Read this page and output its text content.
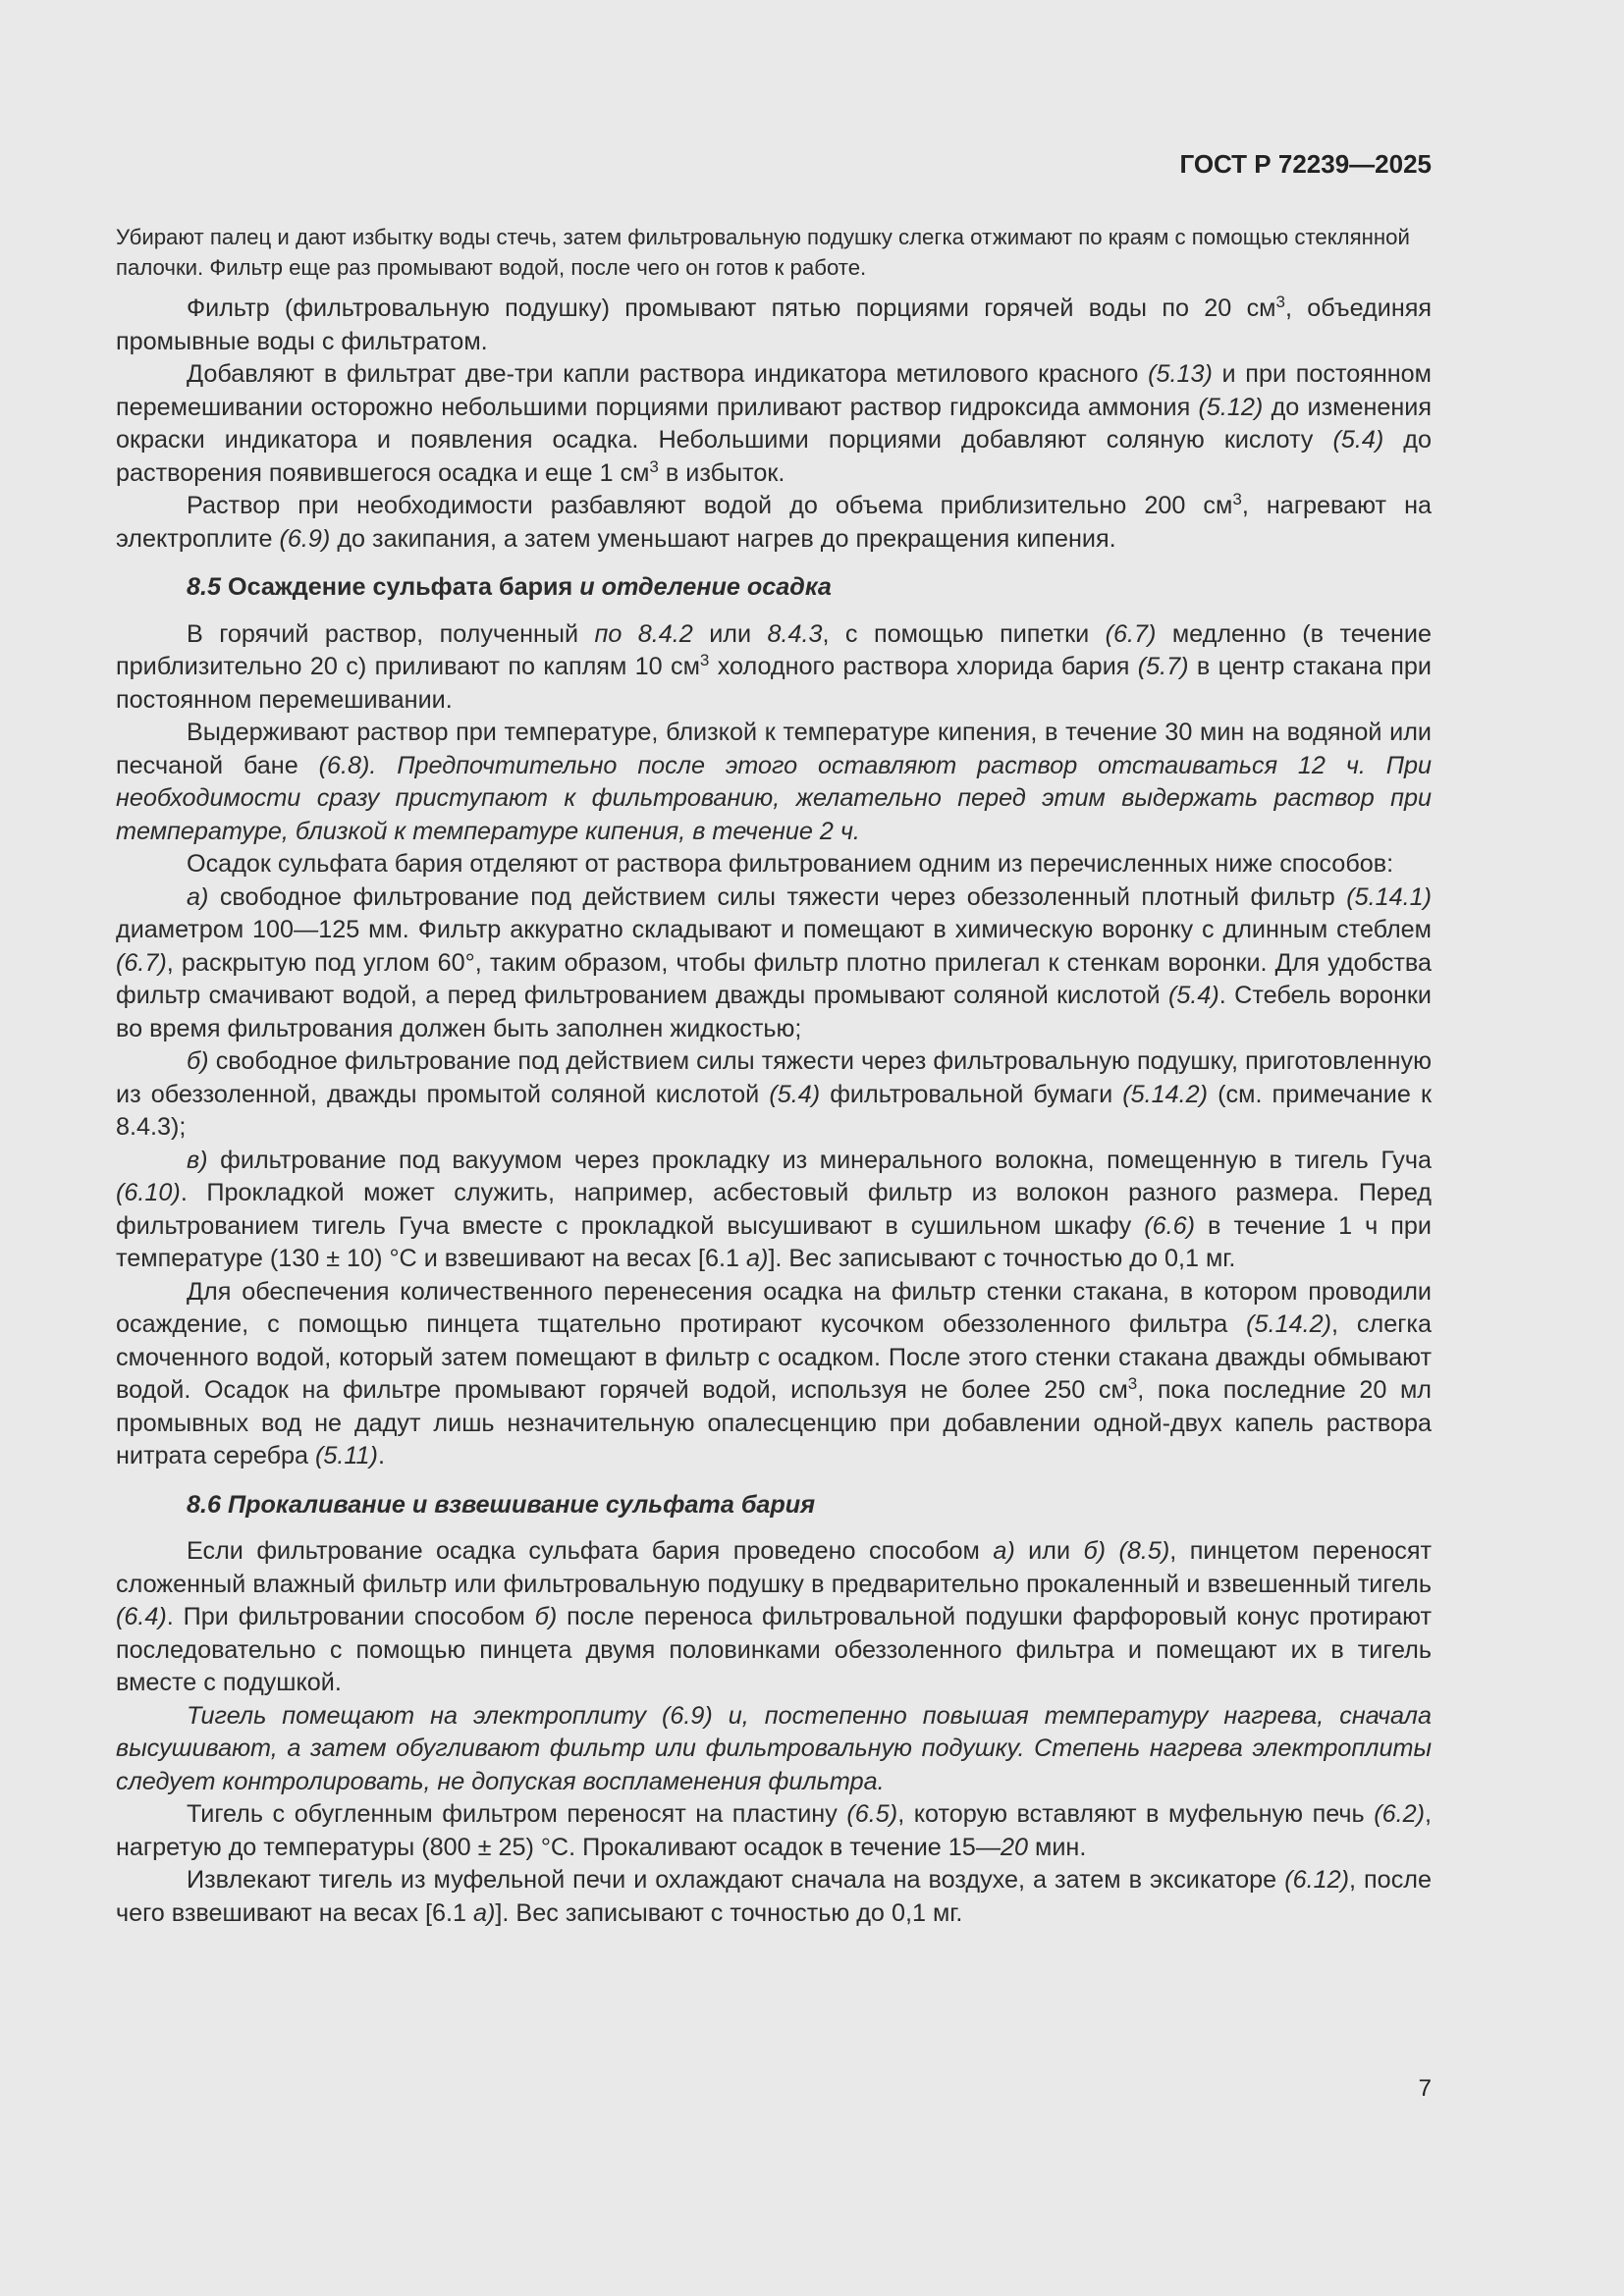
ГОСТ Р 72239—2025

Убирают палец и дают избытку воды стечь, затем фильтровальную подушку слегка отжимают по краям с помощью стеклянной палочки. Фильтр еще раз промывают водой, после чего он готов к работе.

Фильтр (фильтровальную подушку) промывают пятью порциями горячей воды по 20 $см^3$, объединяя промывные воды с фильтратом.

Добавляют в фильтрат две-три капли раствора индикатора метилового красного (5.13) и при постоянном перемешивании осторожно небольшими порциями приливают раствор гидроксида аммония (5.12) до изменения окраски индикатора и появления осадка. Небольшими порциями добавляют соляную кислоту (5.4) до растворения появившегося осадка и еще 1 $см^3$ в избыток.

Раствор при необходимости разбавляют водой до объема приблизительно 200 $см^3$, нагревают на электроплите (6.9) до закипания, а затем уменьшают нагрев до прекращения кипения.

8.5 Осаждение сульфата бария и отделение осадка

В горячий раствор, полученный по 8.4.2 или 8.4.3, с помощью пипетки (6.7) медленно (в течение приблизительно 20 с) приливают по каплям 10 $см^3$ холодного раствора хлорида бария (5.7) в центр стакана при постоянном перемешивании.

Выдерживают раствор при температуре, близкой к температуре кипения, в течение 30 мин на водяной или песчаной бане (6.8). Предпочтительно после этого оставляют раствор отстаиваться 12 ч. При необходимости сразу приступают к фильтрованию, желательно перед этим выдержать раствор при температуре, близкой к температуре кипения, в течение 2 ч.

Осадок сульфата бария отделяют от раствора фильтрованием одним из перечисленных ниже способов:

а) свободное фильтрование под действием силы тяжести через обеззоленный плотный фильтр (5.14.1) диаметром 100—125 мм. Фильтр аккуратно складывают и помещают в химическую воронку с длинным стеблем (6.7), раскрытую под углом 60°, таким образом, чтобы фильтр плотно прилегал к стенкам воронки. Для удобства фильтр смачивают водой, а перед фильтрованием дважды промывают соляной кислотой (5.4). Стебель воронки во время фильтрования должен быть заполнен жидкостью;

б) свободное фильтрование под действием силы тяжести через фильтровальную подушку, приготовленную из обеззоленной, дважды промытой соляной кислотой (5.4) фильтровальной бумаги (5.14.2) (см. примечание к 8.4.3);

в) фильтрование под вакуумом через прокладку из минерального волокна, помещенную в тигель Гуча (6.10). Прокладкой может служить, например, асбестовый фильтр из волокон разного размера. Перед фильтрованием тигель Гуча вместе с прокладкой высушивают в сушильном шкафу (6.6) в течение 1 ч при температуре (130 ± 10) °С и взвешивают на весах [6.1 а)]. Вес записывают с точностью до 0,1 мг.

Для обеспечения количественного перенесения осадка на фильтр стенки стакана, в котором проводили осаждение, с помощью пинцета тщательно протирают кусочком обеззоленного фильтра (5.14.2), слегка смоченного водой, который затем помещают в фильтр с осадком. После этого стенки стакана дважды обмывают водой. Осадок на фильтре промывают горячей водой, используя не более 250 $см^3$, пока последние 20 мл промывных вод не дадут лишь незначительную опалесценцию при добавлении одной-двух капель раствора нитрата серебра (5.11).

8.6 Прокаливание и взвешивание сульфата бария

Если фильтрование осадка сульфата бария проведено способом а) или б) (8.5), пинцетом переносят сложенный влажный фильтр или фильтровальную подушку в предварительно прокаленный и взвешенный тигель (6.4). При фильтровании способом б) после переноса фильтровальной подушки фарфоровый конус протирают последовательно с помощью пинцета двумя половинками обеззоленного фильтра и помещают их в тигель вместе с подушкой.

Тигель помещают на электроплиту (6.9) и, постепенно повышая температуру нагрева, сначала высушивают, а затем обугливают фильтр или фильтровальную подушку. Степень нагрева электроплиты следует контролировать, не допуская воспламенения фильтра.

Тигель с обугленным фильтром переносят на пластину (6.5), которую вставляют в муфельную печь (6.2), нагретую до температуры (800 ± 25) °С. Прокаливают осадок в течение 15—20 мин.

Извлекают тигель из муфельной печи и охлаждают сначала на воздухе, а затем в эксикаторе (6.12), после чего взвешивают на весах [6.1 а)]. Вес записывают с точностью до 0,1 мг.

7
